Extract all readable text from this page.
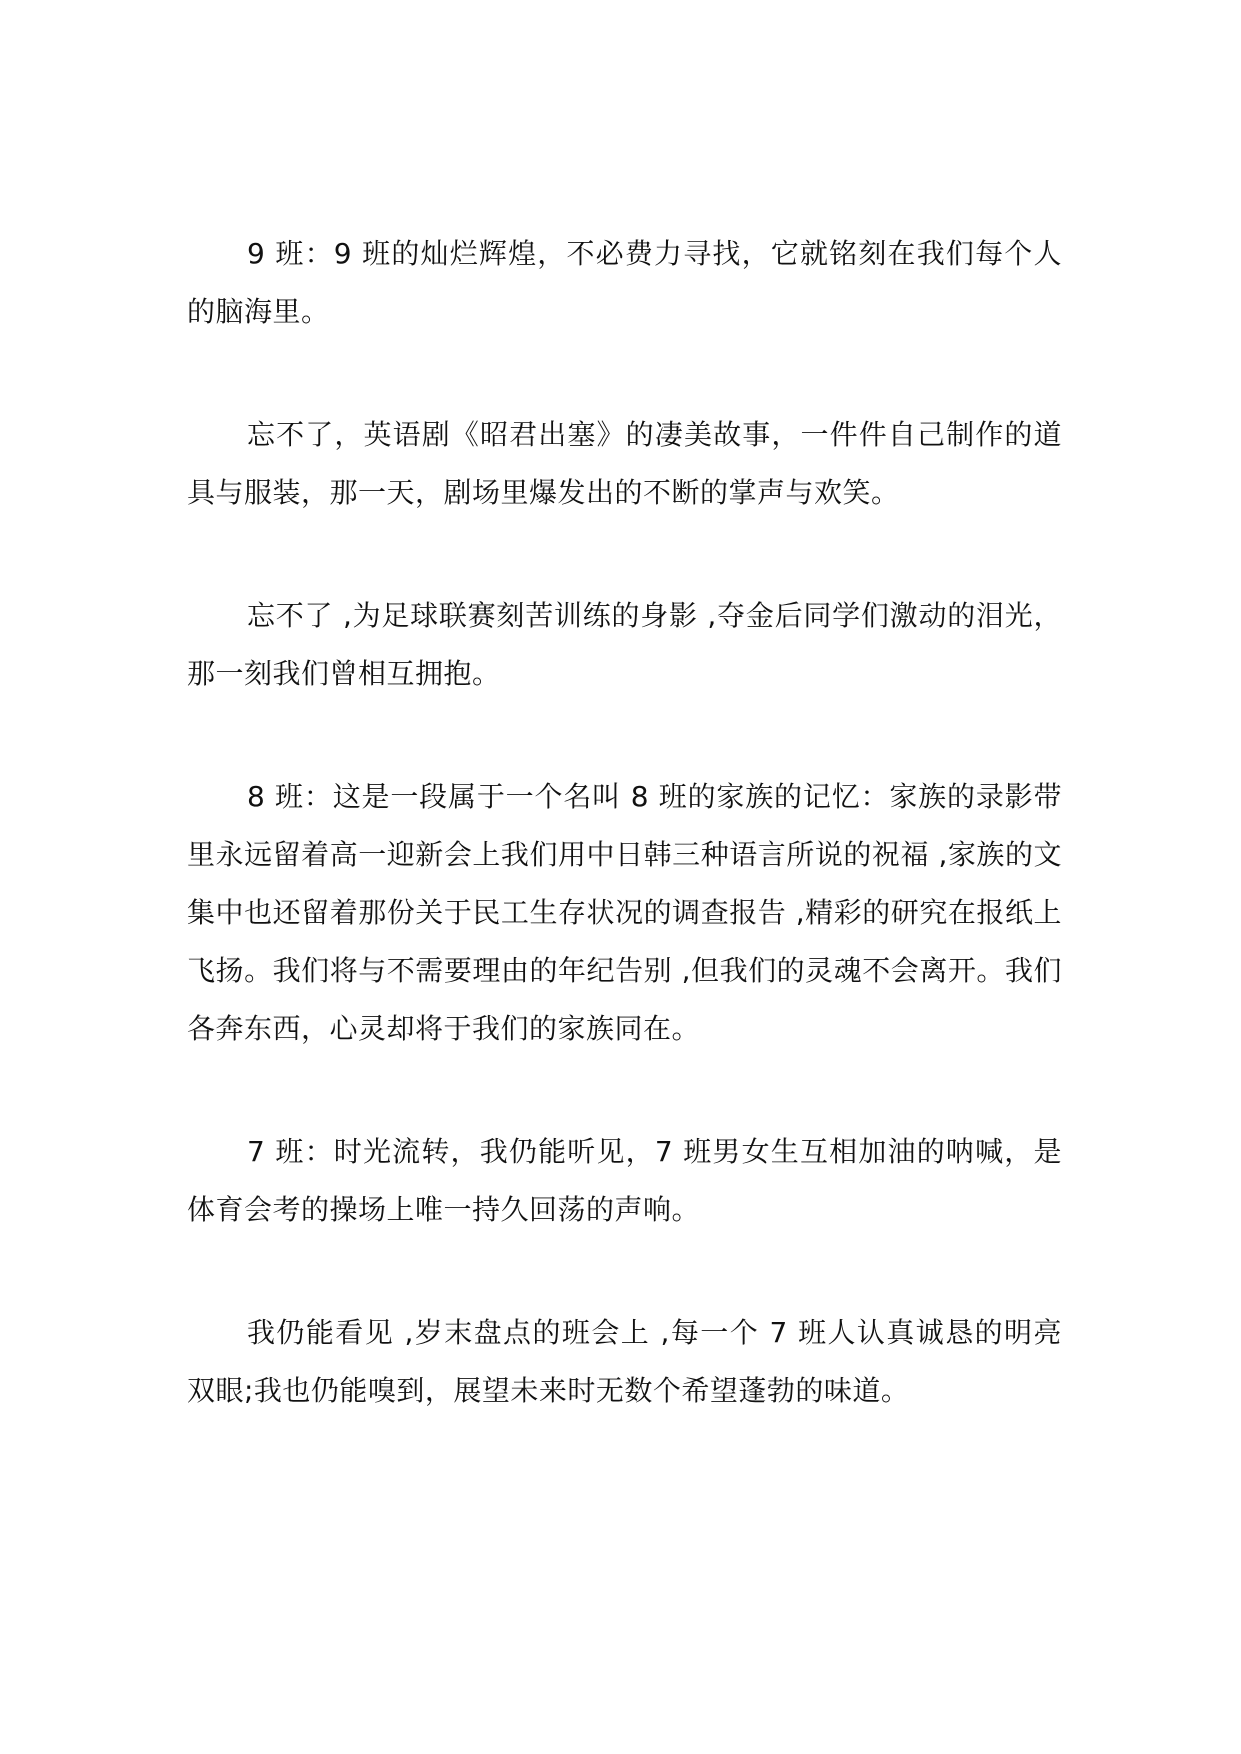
9 班：9 班的灿烂辉煌，不必费力寻找，它就铭刻在我们每个人的脑海里。

忘不了，英语剧《昭君出塞》的凄美故事，一件件自己制作的道具与服装，那一天，剧场里爆发出的不断的掌声与欢笑。

忘不了 ,为足球联赛刻苦训练的身影 ,夺金后同学们激动的泪光，那一刻我们曾相互拥抱。

8 班：这是一段属于一个名叫 8 班的家族的记忆：家族的录影带里永远留着高一迎新会上我们用中日韩三种语言所说的祝福 ,家族的文集中也还留着那份关于民工生存状况的调查报告 ,精彩的研究在报纸上飞扬。我们将与不需要理由的年纪告别 ,但我们的灵魂不会离开。我们各奔东西，心灵却将于我们的家族同在。

7 班：时光流转，我仍能听见，7 班男女生互相加油的呐喊，是体育会考的操场上唯一持久回荡的声响。

我仍能看见 ,岁末盘点的班会上 ,每一个 7 班人认真诚恳的明亮双眼;我也仍能嗅到，展望未来时无数个希望蓬勃的味道。
